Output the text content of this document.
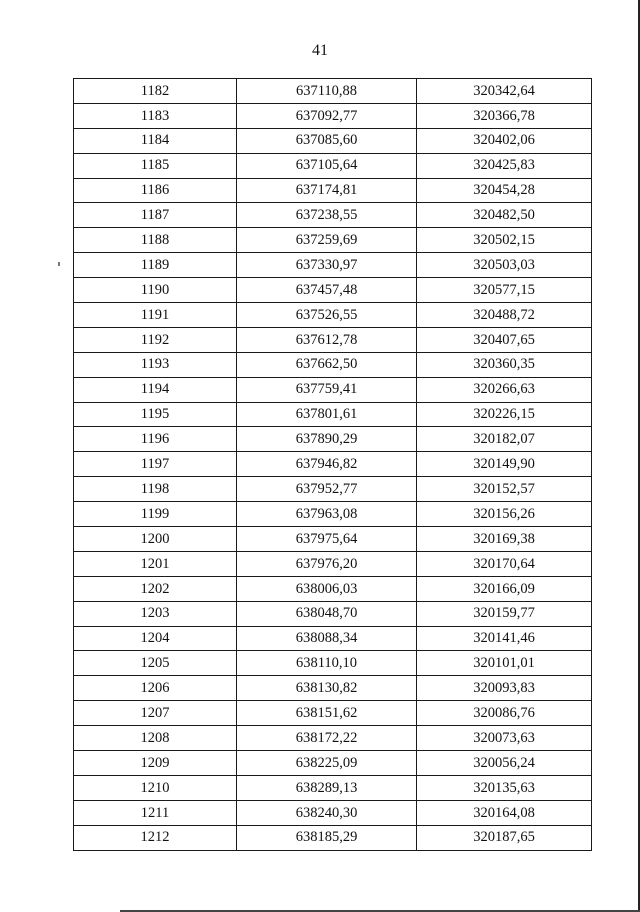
41
1182	637110,88	320342,64
1183	637092,77	320366,78
1184	637085,60	320402,06
1185	637105,64	320425,83
1186	637174,81	320454,28
1187	637238,55	320482,50
1188	637259,69	320502,15
1189	637330,97	320503,03
1190	637457,48	320577,15
1191	637526,55	320488,72
1192	637612,78	320407,65
1193	637662,50	320360,35
1194	637759,41	320266,63
1195	637801,61	320226,15
1196	637890,29	320182,07
1197	637946,82	320149,90
1198	637952,77	320152,57
1199	637963,08	320156,26
1200	637975,64	320169,38
1201	637976,20	320170,64
1202	638006,03	320166,09
1203	638048,70	320159,77
1204	638088,34	320141,46
1205	638110,10	320101,01
1206	638130,82	320093,83
1207	638151,62	320086,76
1208	638172,22	320073,63
1209	638225,09	320056,24
1210	638289,13	320135,63
1211	638240,30	320164,08
1212	638185,29	320187,65
